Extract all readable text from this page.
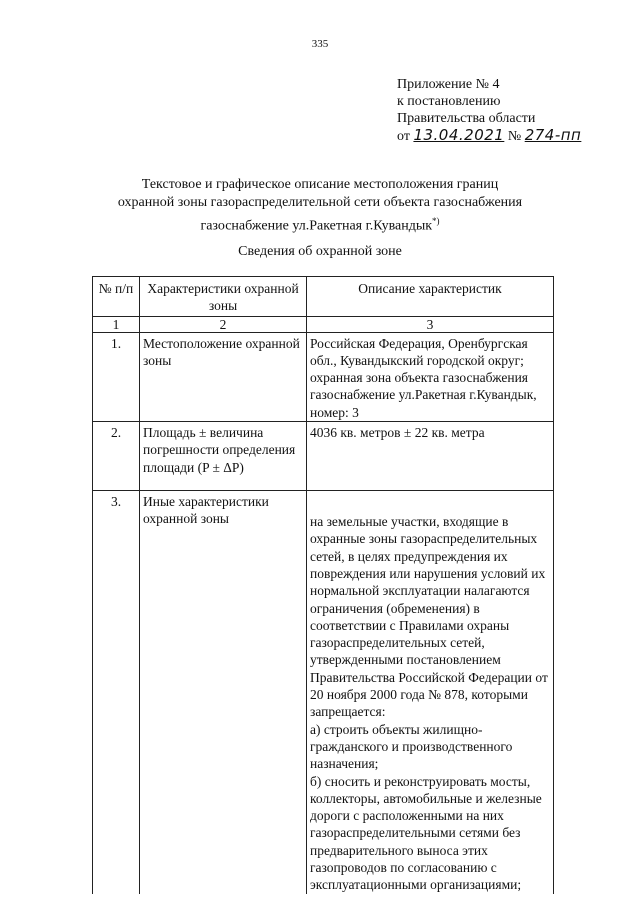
335
Приложение № 4
к постановлению
Правительства области
от 13.04.2021 № 274-пп
Текстовое и графическое описание местоположения границ
охранной зоны газораспределительной сети объекта газоснабжения
газоснабжение ул.Ракетная г.Кувандык*)
Сведения об охранной зоне
№ п/п	Характеристики охранной зоны	Описание характеристик
1	2	3
1.	Местоположение охранной зоны	Российская Федерация, Оренбургская обл., Кувандыкский городской округ; охранная зона объекта газоснабжения газоснабжение ул.Ракетная г.Кувандык, номер: 3
2.	Площадь ± величина погрешности определения площади (P ± ΔP)	4036 кв. метров ± 22 кв. метра
3.	Иные характеристики охранной зоны	на земельные участки, входящие в охранные зоны газораспределительных сетей, в целях предупреждения их повреждения или нарушения условий их нормальной эксплуатации налагаются ограничения (обременения) в соответствии с Правилами охраны газораспределительных сетей, утвержденными постановлением Правительства Российской Федерации от 20 ноября 2000 года № 878, которыми запрещается:
а) строить объекты жилищно-гражданского и производственного назначения;
б) сносить и реконструировать мосты, коллекторы, автомобильные и железные дороги с расположенными на них газораспределительными сетями без предварительного выноса этих газопроводов по согласованию с эксплуатационными организациями;
